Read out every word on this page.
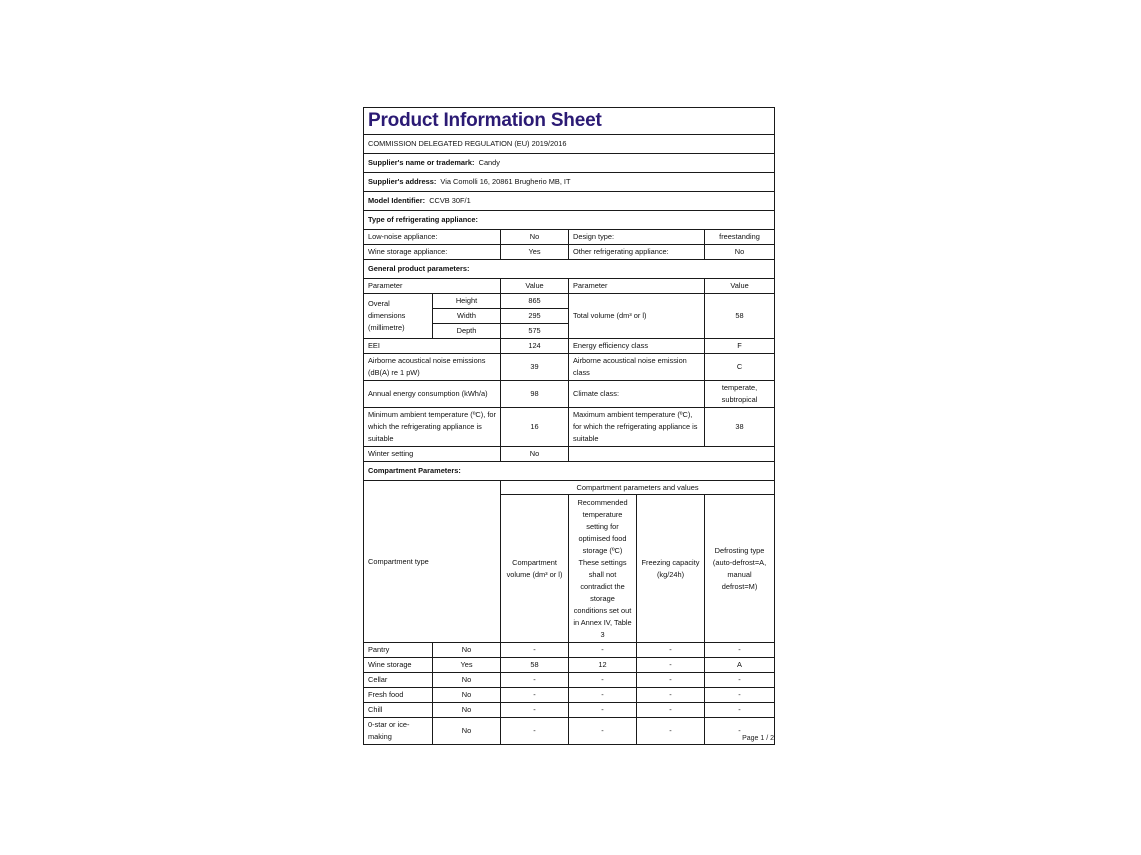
Product Information Sheet					
COMMISSION DELEGATED REGULATION (EU) 2019/2016					
Supplier's name or trademark: Candy					
Supplier's address: Via Comolli 16, 20861 Brugherio MB, IT					
Model Identifier: CCVB 30F/1					
Type of refrigerating appliance:					
Low-noise appliance:		No	Design type:		freestanding
Wine storage appliance:		Yes	Other refrigerating appliance:		No
General product parameters:					
Parameter		Value	Parameter		Value
Overal dimensions (millimetre)	Height	865	Total volume (dm³ or l)		58
	Width	295			
	Depth	575			
EEI		124	Energy efficiency class		F
Airborne acoustical noise emissions (dB(A) re 1 pW)		39	Airborne acoustical noise emission class		C
Annual energy consumption (kWh/a)		98	Climate class:		temperate, subtropical
Minimum ambient temperature (ºC), for which the refrigerating appliance is suitable		16	Maximum ambient temperature (ºC), for which the refrigerating appliance is suitable		38
Winter setting		No			
Compartment Parameters:					
Compartment type		Compartment parameters and values			
		Compartment volume (dm³ or l)	Recommended temperature setting for optimised food storage (ºC) These settings shall not contradict the storage conditions set out in Annex IV, Table 3	Freezing capacity (kg/24h)	Defrosting type (auto-defrost=A, manual defrost=M)
Pantry	No	-	-	-	-
Wine storage	Yes	58	12	-	A
Cellar	No	-	-	-	-
Fresh food	No	-	-	-	-
Chill	No	-	-	-	-
0-star or ice-making	No	-	-	-	-
Page 1 / 2
